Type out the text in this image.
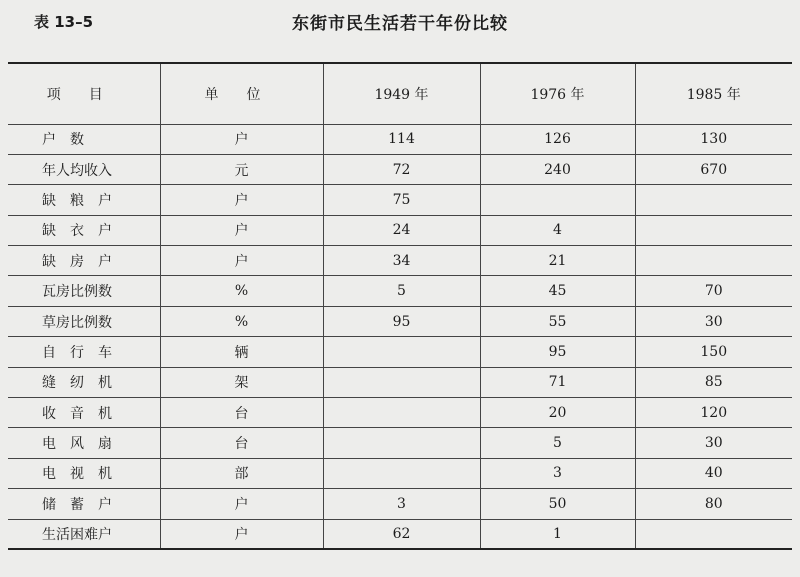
表 13–5	东街市民生活若干年份比较
项目	单位	1949 年	1976 年	1985 年
户　数	户	114	126	130
年人均收入	元	72	240	670
缺　粮　户	户	75		
缺　衣　户	户	24	4	
缺　房　户	户	34	21	
瓦房比例数	%	5	45	70
草房比例数	%	95	55	30
自　行　车	辆		95	150
缝　纫　机	架		71	85
收　音　机	台		20	120
电　风　扇	台		5	30
电　视　机	部		3	40
储　蓄　户	户	3	50	80
生活困难户	户	62	1	
